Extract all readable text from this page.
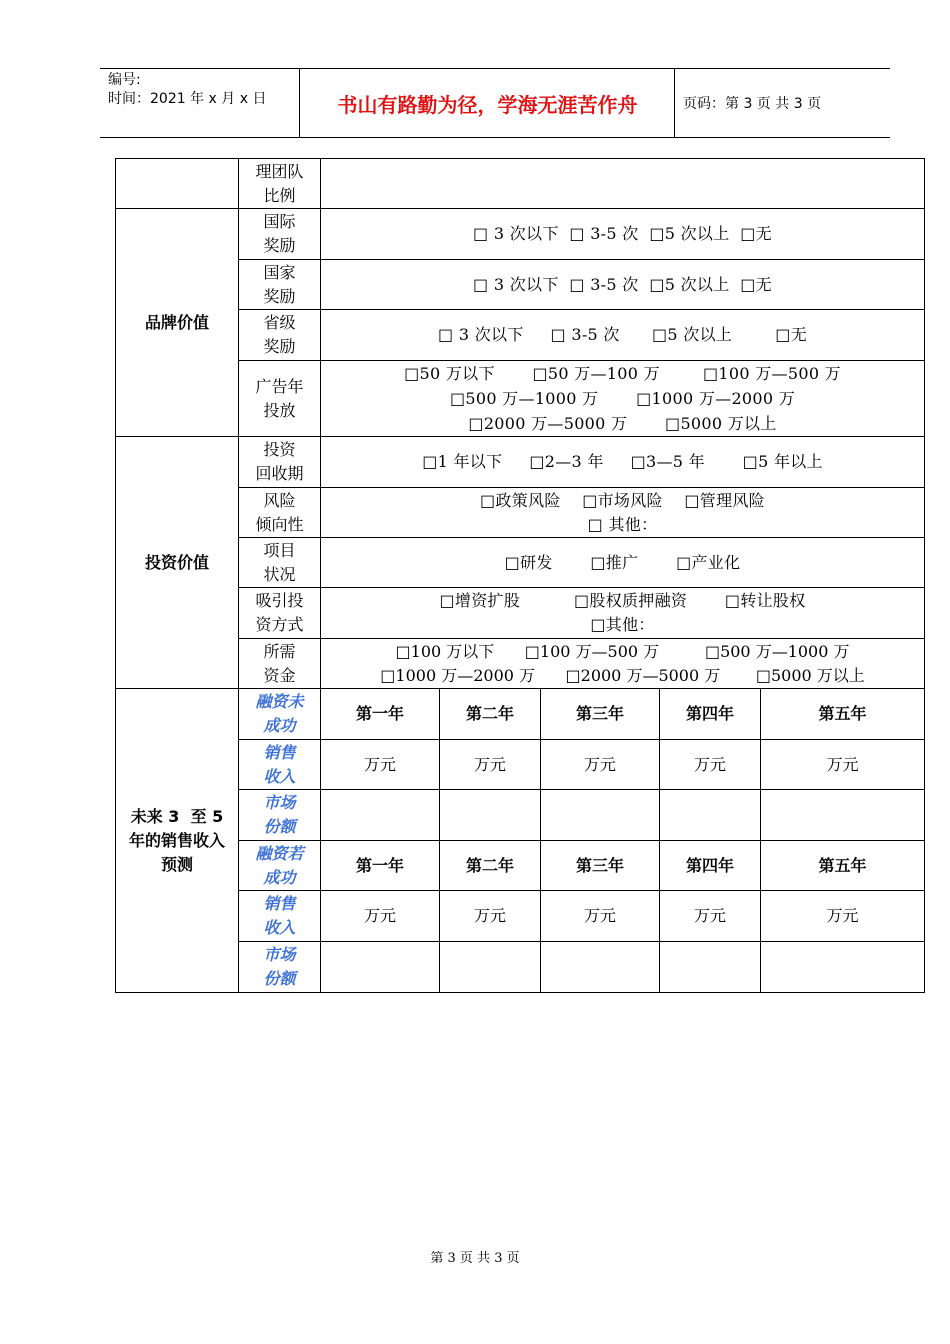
编号:
时间：2021 年 x 月 x 日	书山有路勤为径，学海无涯苦作舟	页码：第 3 页 共 3 页

	理团队
比例					

品牌价值	国际
奖励	□ 3 次以下  □ 3-5 次  □5 次以上  □无				

	国家
奖励	□ 3 次以下  □ 3-5 次  □5 次以上  □无				

	省级
奖励	□ 3 次以下     □ 3-5 次      □5 次以上        □无				

	广告年
投放	□50 万以下       □50 万—100 万        □100 万—500 万
□500 万—1000 万       □1000 万—2000 万
□2000 万—5000 万       □5000 万以上				

投资价值	投资
回收期	□1 年以下     □2—3 年     □3—5 年       □5 年以上				

	风险
倾向性	□政策风险    □市场风险    □管理风险
□ 其他：				

	项目
状况	□研发       □推广       □产业化				

	吸引投
资方式	□增资扩股          □股权质押融资       □转让股权
□其他：				

	所需
资金	□100 万以下      □100 万—500 万         □500 万—1000 万
□1000 万—2000 万      □2000 万—5000 万       □5000 万以上				

未来 3  至 5
年的销售收入
预测	融资未
成功	第一年	第二年	第三年	第四年	第五年

	销售
收入	万元	万元	万元	万元	万元

	市场
份额					

	融资若
成功	第一年	第二年	第三年	第四年	第五年

	销售
收入	万元	万元	万元	万元	万元

	市场
份额					

第 3 页 共 3 页
